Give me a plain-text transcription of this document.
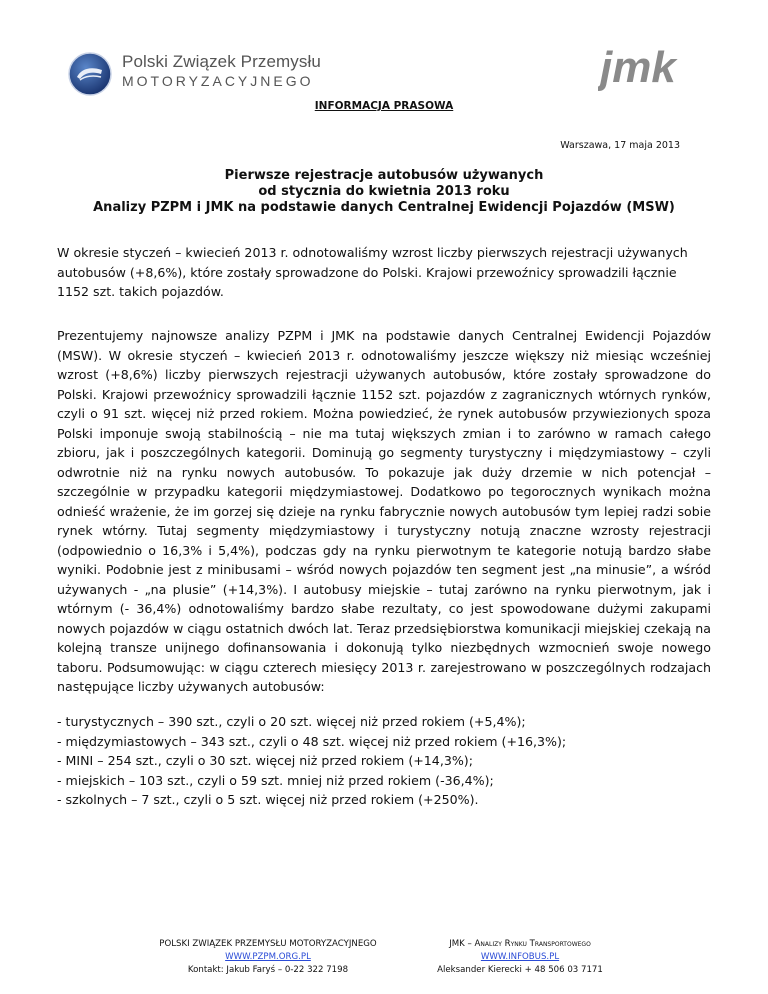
Polski Związek Przemysłu
MOTORYZACYJNEGO	jmk
INFORMACJA PRASOWA
Warszawa, 17 maja 2013
Pierwsze rejestracje autobusów używanych
od stycznia do kwietnia 2013 roku
Analizy PZPM i JMK na podstawie danych Centralnej Ewidencji Pojazdów (MSW)
W okresie styczeń – kwiecień 2013 r. odnotowaliśmy wzrost liczby pierwszych rejestracji używanych autobusów (+8,6%), które zostały sprowadzone do Polski. Krajowi przewoźnicy sprowadzili łącznie 1152 szt. takich pojazdów.
Prezentujemy najnowsze analizy PZPM i JMK na podstawie danych Centralnej Ewidencji Pojazdów (MSW). W okresie styczeń – kwiecień 2013 r. odnotowaliśmy jeszcze większy niż miesiąc wcześniej wzrost (+8,6%) liczby pierwszych rejestracji używanych autobusów, które zostały sprowadzone do Polski. Krajowi przewoźnicy sprowadzili łącznie 1152 szt. pojazdów z zagranicznych wtórnych rynków, czyli o 91 szt. więcej niż przed rokiem. Można powiedzieć, że rynek autobusów przywiezionych spoza Polski imponuje swoją stabilnością – nie ma tutaj większych zmian i to zarówno w ramach całego zbioru, jak i poszczególnych kategorii. Dominują go segmenty turystyczny i międzymiastowy – czyli odwrotnie niż na rynku nowych autobusów. To pokazuje jak duży drzemie w nich potencjał – szczególnie w przypadku kategorii międzymiastowej. Dodatkowo po tegorocznych wynikach można odnieść wrażenie, że im gorzej się dzieje na rynku fabrycznie nowych autobusów tym lepiej radzi sobie rynek wtórny. Tutaj segmenty międzymiastowy i turystyczny notują znaczne wzrosty rejestracji (odpowiednio o 16,3% i 5,4%), podczas gdy na rynku pierwotnym te kategorie notują bardzo słabe wyniki. Podobnie jest z minibusami – wśród nowych pojazdów ten segment jest „na minusie”, a wśród używanych - „na plusie” (+14,3%). I autobusy miejskie – tutaj zarówno na rynku pierwotnym, jak i wtórnym (- 36,4%) odnotowaliśmy bardzo słabe rezultaty, co jest spowodowane dużymi zakupami nowych pojazdów w ciągu ostatnich dwóch lat. Teraz przedsiębiorstwa komunikacji miejskiej czekają na kolejną transze unijnego dofinansowania i dokonują tylko niezbędnych wzmocnień swoje nowego taboru. Podsumowując: w ciągu czterech miesięcy 2013 r. zarejestrowano w poszczególnych rodzajach następujące liczby używanych autobusów:
- turystycznych – 390 szt., czyli o 20 szt. więcej niż przed rokiem (+5,4%);
- międzymiastowych – 343 szt., czyli o 48 szt. więcej niż przed rokiem (+16,3%);
- MINI – 254 szt., czyli o 30 szt. więcej niż przed rokiem (+14,3%);
- miejskich – 103 szt., czyli o 59 szt. mniej niż przed rokiem (-36,4%);
- szkolnych – 7 szt., czyli o 5 szt. więcej niż przed rokiem (+250%).
POLSKI ZWIĄZEK PRZEMYSŁU MOTORYZACYJNEGO
WWW.PZPM.ORG.PL
Kontakt: Jakub Faryś – 0-22 322 7198
JMK – Analizy Rynku Transportowego
WWW.INFOBUS.PL
Aleksander Kierecki + 48 506 03 7171
